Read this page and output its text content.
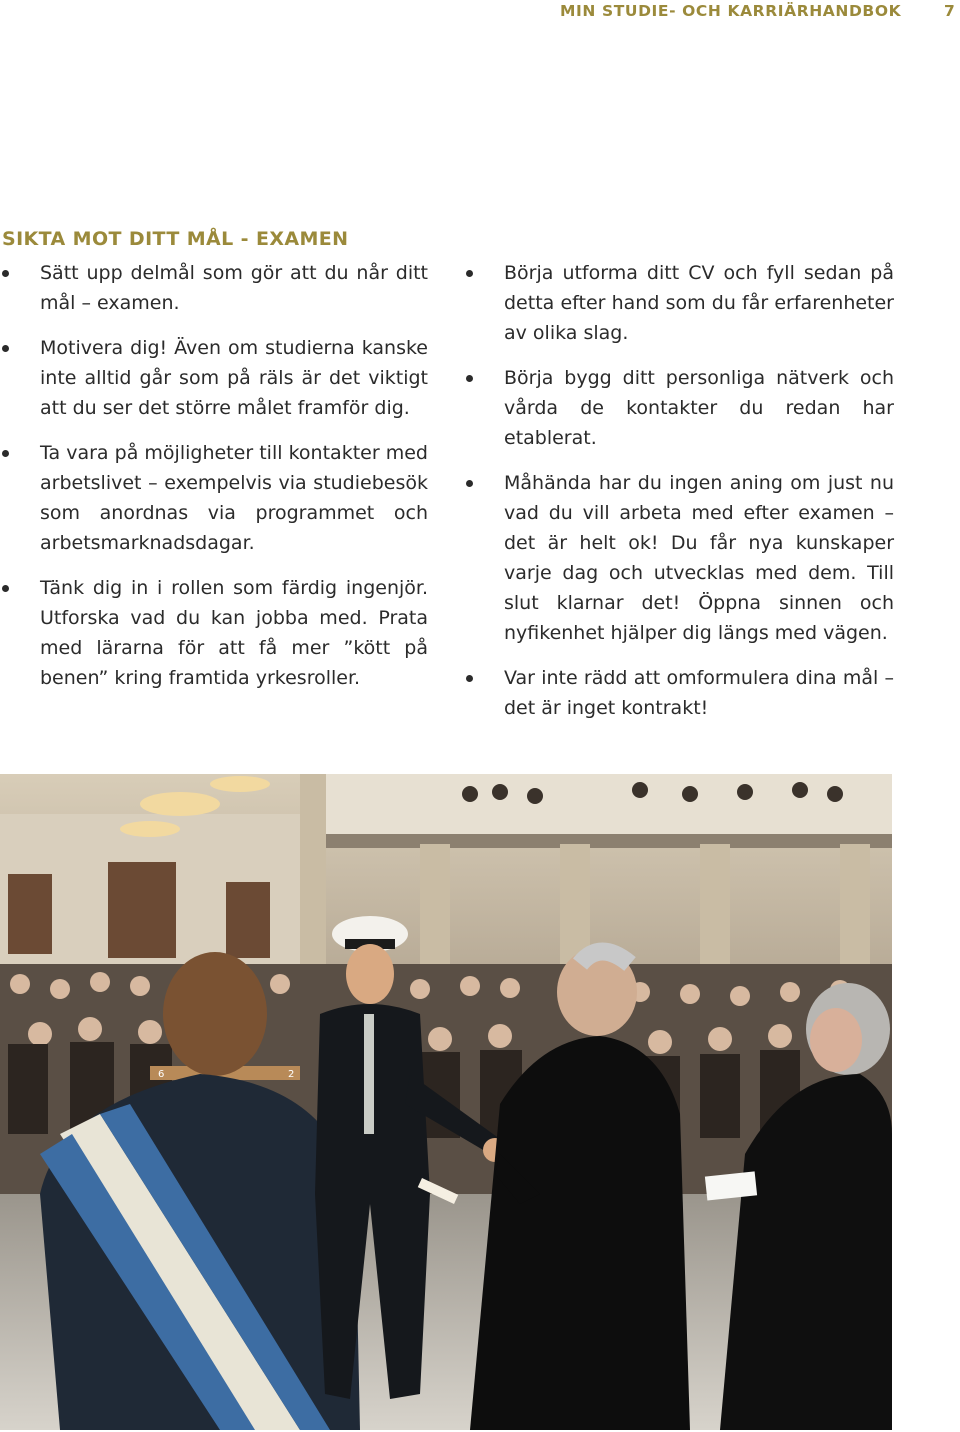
MIN STUDIE- OCH KARRIÄRHANDBOK	7
SIKTA MOT DITT MÅL - EXAMEN
Sätt upp delmål som gör att du når ditt mål – examen.
Motivera dig! Även om studierna kanske inte alltid går som på räls är det viktigt att du ser det större målet framför dig.
Ta vara på möjligheter till kontakter med arbetslivet – exempelvis via studiebesök som anordnas via programmet och arbetsmarknadsdagar.
Tänk dig in i rollen som färdig ingenjör. Utforska vad du kan jobba med. Prata med lärarna för att få mer ”kött på benen” kring framtida yrkesroller.
Börja utforma ditt CV och fyll sedan på detta efter hand som du får erfarenheter av olika slag.
Börja bygg ditt personliga nätverk och vårda de kontakter du redan har etablerat.
Måhända har du ingen aning om just nu vad du vill arbeta med efter examen – det är helt ok! Du får nya kunskaper varje dag och utvecklas med dem. Till slut klarnar det! Öppna sinnen och nyfikenhet hjälper dig längs med vägen.
Var inte rädd att omformulera dina mål – det är inget kontrakt!
6	2
